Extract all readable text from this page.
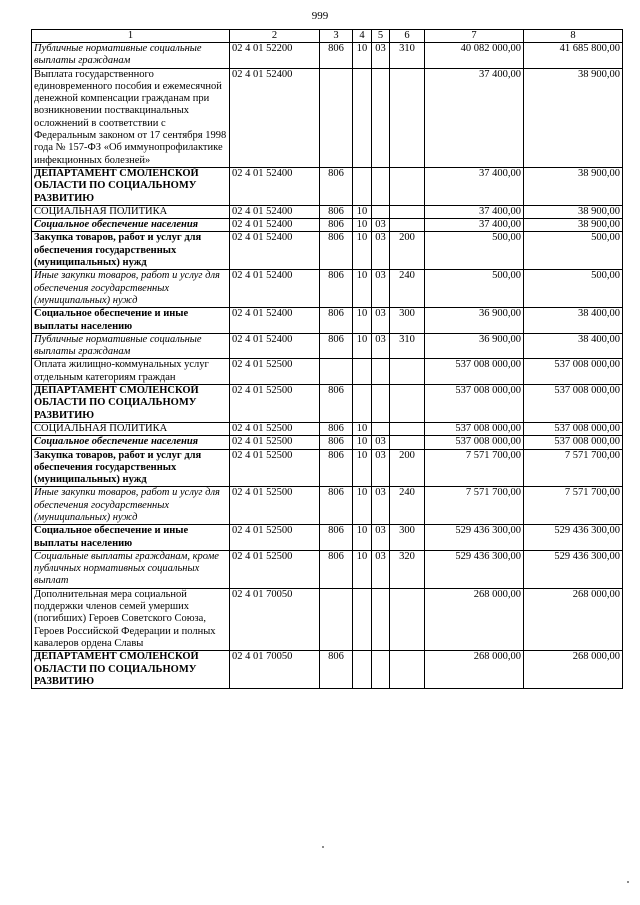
999
1	2	3	4	5	6	7	8
Публичные нормативные социальные выплаты гражданам	02 4 01 52200	806	10	03	310	40 082 000,00	41 685 800,00
Выплата государственного единовременного пособия и ежемесячной денежной компенсации гражданам при возникновении поствакцинальных осложнений в соответствии с Федеральным законом от 17 сентября 1998 года № 157-ФЗ «Об иммунопрофилактике инфекционных болезней»	02 4 01 52400					37 400,00	38 900,00
ДЕПАРТАМЕНТ СМОЛЕНСКОЙ ОБЛАСТИ ПО СОЦИАЛЬНОМУ РАЗВИТИЮ	02 4 01 52400	806				37 400,00	38 900,00
СОЦИАЛЬНАЯ ПОЛИТИКА	02 4 01 52400	806	10			37 400,00	38 900,00
Социальное обеспечение населения	02 4 01 52400	806	10	03		37 400,00	38 900,00
Закупка товаров, работ и услуг для обеспечения государственных (муниципальных) нужд	02 4 01 52400	806	10	03	200	500,00	500,00
Иные закупки товаров, работ и услуг для обеспечения государственных (муниципальных) нужд	02 4 01 52400	806	10	03	240	500,00	500,00
Социальное обеспечение и иные выплаты населению	02 4 01 52400	806	10	03	300	36 900,00	38 400,00
Публичные нормативные социальные выплаты гражданам	02 4 01 52400	806	10	03	310	36 900,00	38 400,00
Оплата жилищно-коммунальных услуг отдельным категориям граждан	02 4 01 52500					537 008 000,00	537 008 000,00
ДЕПАРТАМЕНТ СМОЛЕНСКОЙ ОБЛАСТИ ПО СОЦИАЛЬНОМУ РАЗВИТИЮ	02 4 01 52500	806				537 008 000,00	537 008 000,00
СОЦИАЛЬНАЯ ПОЛИТИКА	02 4 01 52500	806	10			537 008 000,00	537 008 000,00
Социальное обеспечение населения	02 4 01 52500	806	10	03		537 008 000,00	537 008 000,00
Закупка товаров, работ и услуг для обеспечения государственных (муниципальных) нужд	02 4 01 52500	806	10	03	200	7 571 700,00	7 571 700,00
Иные закупки товаров, работ и услуг для обеспечения государственных (муниципальных) нужд	02 4 01 52500	806	10	03	240	7 571 700,00	7 571 700,00
Социальное обеспечение и иные выплаты населению	02 4 01 52500	806	10	03	300	529 436 300,00	529 436 300,00
Социальные выплаты гражданам, кроме публичных нормативных социальных выплат	02 4 01 52500	806	10	03	320	529 436 300,00	529 436 300,00
Дополнительная мера социальной поддержки членов семей умерших (погибших) Героев Советского Союза, Героев Российской Федерации и полных кавалеров ордена Славы	02 4 01 70050					268 000,00	268 000,00
ДЕПАРТАМЕНТ СМОЛЕНСКОЙ ОБЛАСТИ ПО СОЦИАЛЬНОМУ РАЗВИТИЮ	02 4 01 70050	806				268 000,00	268 000,00
